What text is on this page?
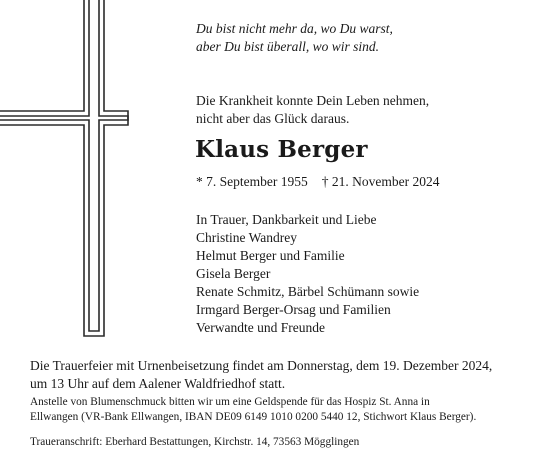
Du bist nicht mehr da, wo Du warst,
aber Du bist überall, wo wir sind.
Die Krankheit konnte Dein Leben nehmen,
nicht aber das Glück daraus.
Klaus Berger
* 7. September 1955 † 21. November 2024
In Trauer, Dankbarkeit und Liebe
Christine Wandrey
Helmut Berger und Familie
Gisela Berger
Renate Schmitz, Bärbel Schümann sowie
Irmgard Berger-Orsag und Familien
Verwandte und Freunde
Die Trauerfeier mit Urnenbeisetzung findet am Donnerstag, dem 19. Dezember 2024,
um 13 Uhr auf dem Aalener Waldfriedhof statt.
Anstelle von Blumenschmuck bitten wir um eine Geldspende für das Hospiz St. Anna in
Ellwangen (VR-Bank Ellwangen, IBAN DE09 6149 1010 0200 5440 12, Stichwort Klaus Berger).
Traueranschrift: Eberhard Bestattungen, Kirchstr. 14, 73563 Mögglingen
